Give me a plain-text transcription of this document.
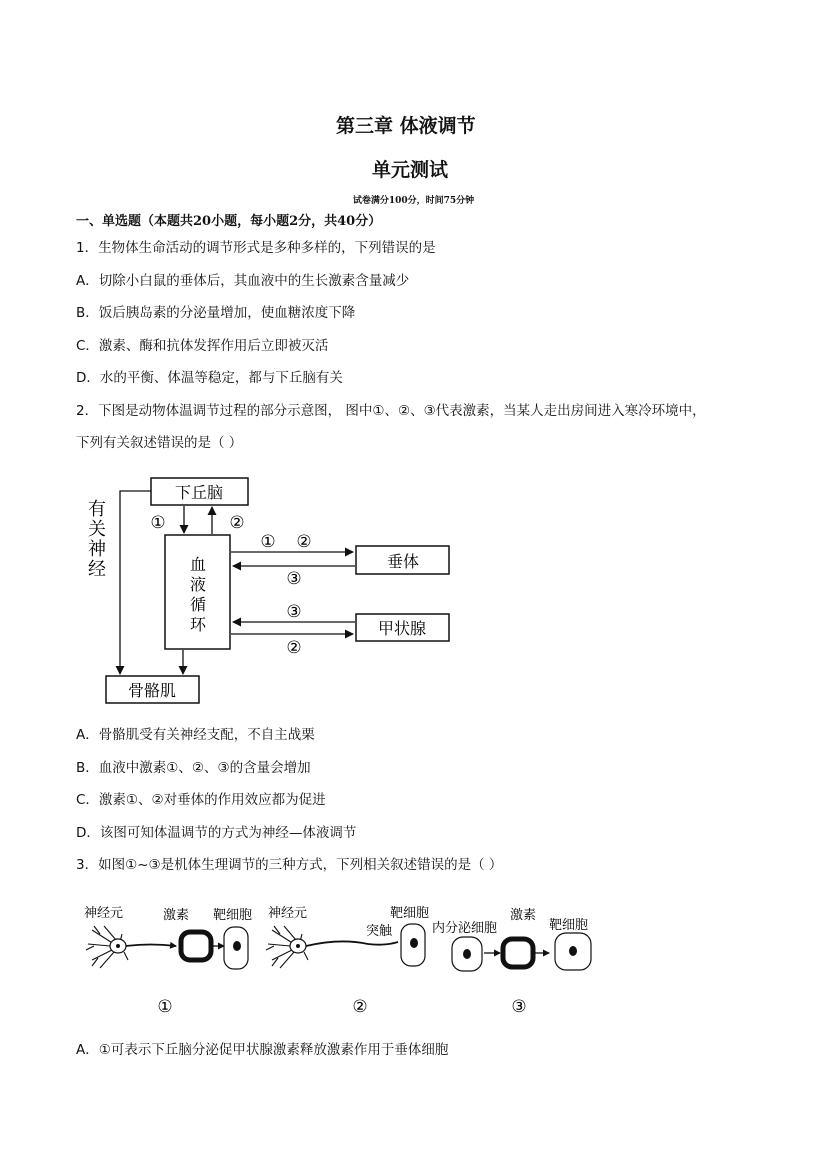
第三章 体液调节
单元测试
试卷满分100分，时间75分钟
一、单选题（本题共20小题，每小题2分，共40分）
1．生物体生命活动的调节形式是多种多样的，下列错误的是
A．切除小白鼠的垂体后，其血液中的生长激素含量减少
B．饭后胰岛素的分泌量增加，使血糖浓度下降
C．激素、酶和抗体发挥作用后立即被灭活
D．水的平衡、体温等稳定，都与下丘脑有关
2．下图是动物体温调节过程的部分示意图， 图中①、②、③代表激素，当某人走出房间进入寒冷环境中，
下列有关叙述错误的是（ ）
下丘脑
血
液
循
环
垂体
甲状腺
骨骼肌
有
关
神
经
①	②
① ②
③
③
②
A．骨骼肌受有关神经支配，不自主战栗
B．血液中激素①、②、③的含量会增加
C．激素①、②对垂体的作用效应都为促进
D．该图可知体温调节的方式为神经—体液调节
3．如图①~③是机体生理调节的三种方式，下列相关叙述错误的是（ ）
神经元	激素 靶细胞
①
神经元
突触
靶细胞
②
内分泌细胞
激素
靶细胞
③
A．①可表示下丘脑分泌促甲状腺激素释放激素作用于垂体细胞
